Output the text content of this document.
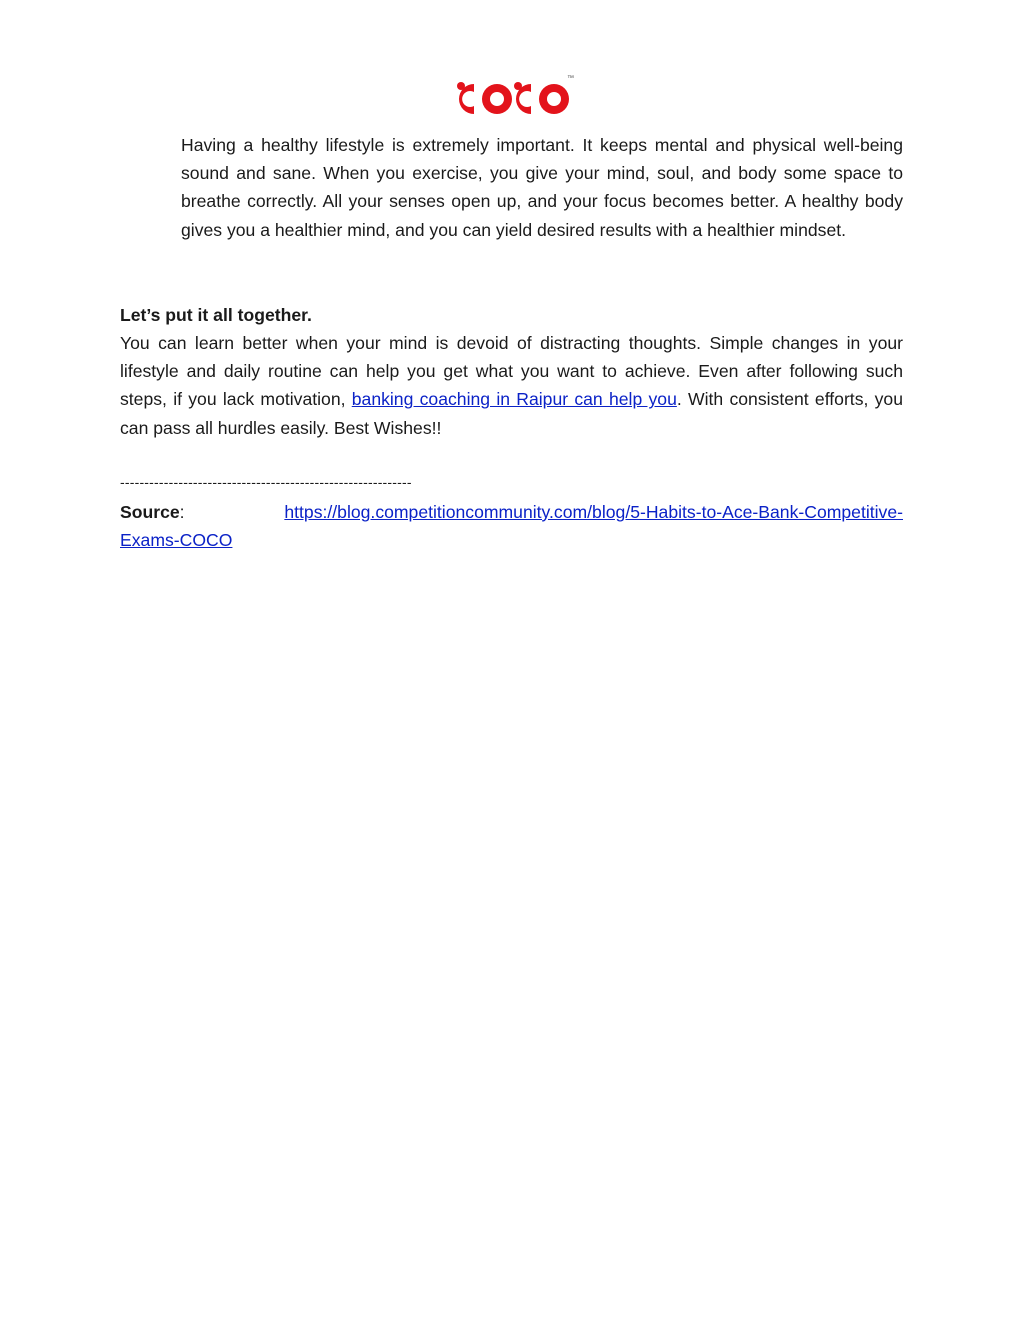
™

Having a healthy lifestyle is extremely important. It keeps mental and physical well-being sound and sane. When you exercise, you give your mind, soul, and body some space to breathe correctly. All your senses open up, and your focus becomes better. A healthy body gives you a healthier mind, and you can yield desired results with a healthier mindset.

Let’s put it all together.

You can learn better when your mind is devoid of distracting thoughts. Simple changes in your lifestyle and daily routine can help you get what you want to achieve. Even after following such steps, if you lack motivation, banking coaching in Raipur can help you. With consistent efforts, you can pass all hurdles easily. Best Wishes!!

------------------------------------------------------------

Source:	https://blog.competitioncommunity.com/blog/5-Habits-to-Ace-Bank-Competitive-
Exams-COCO
